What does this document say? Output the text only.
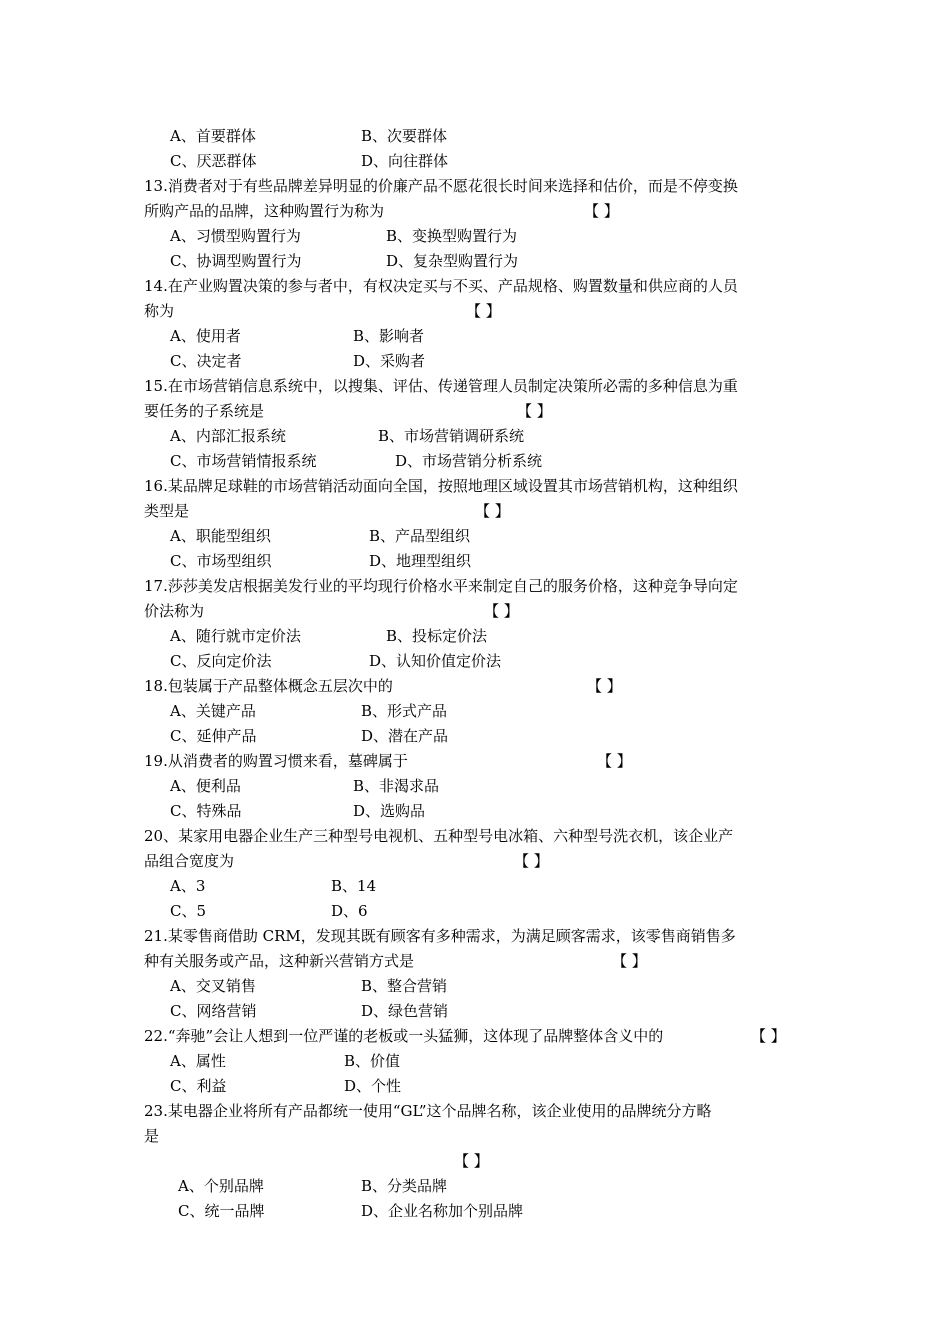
A、首要群体	B、次要群体
C、厌恶群体	D、向往群体
13.消费者对于有些品牌差异明显的价廉产品不愿花很长时间来选择和估价，而是不停变换
所购产品的品牌，这种购置行为称为	【 】
A、习惯型购置行为	B、变换型购置行为
C、协调型购置行为	D、复杂型购置行为
14.在产业购置决策的参与者中，有权决定买与不买、产品规格、购置数量和供应商的人员
称为	【 】
A、使用者	B、影响者
C、决定者	D、采购者
15.在市场营销信息系统中，以搜集、评估、传递管理人员制定决策所必需的多种信息为重
要任务的子系统是	【 】
A、内部汇报系统	B、市场营销调研系统
C、市场营销情报系统	D、市场营销分析系统
16.某品牌足球鞋的市场营销活动面向全国，按照地理区域设置其市场营销机构，这种组织
类型是	【 】
A、职能型组织	B、产品型组织
C、市场型组织	D、地理型组织
17.莎莎美发店根据美发行业的平均现行价格水平来制定自己的服务价格，这种竞争导向定
价法称为	【 】
A、随行就市定价法	B、投标定价法
C、反向定价法	D、认知价值定价法
18.包装属于产品整体概念五层次中的	【 】
A、关键产品	B、形式产品
C、延伸产品	D、潜在产品
19.从消费者的购置习惯来看，墓碑属于	【 】
A、便利品	B、非渴求品
C、特殊品	D、选购品
20、某家用电器企业生产三种型号电视机、五种型号电冰箱、六种型号洗衣机，该企业产
品组合宽度为	【 】
A、3	B、14
C、5	D、6
21.某零售商借助 CRM，发现其既有顾客有多种需求，为满足顾客需求，该零售商销售多
种有关服务或产品，这种新兴营销方式是	【 】
A、交叉销售	B、整合营销
C、网络营销	D、绿色营销
22.“奔驰”会让人想到一位严谨的老板或一头猛狮，这体现了品牌整体含义中的	【 】
A、属性	B、价值
C、利益	D、个性
23.某电器企业将所有产品都统一使用“GL”这个品牌名称，该企业使用的品牌统分方略
是
【 】
A、个别品牌	B、分类品牌
C、统一品牌	D、企业名称加个别品牌
